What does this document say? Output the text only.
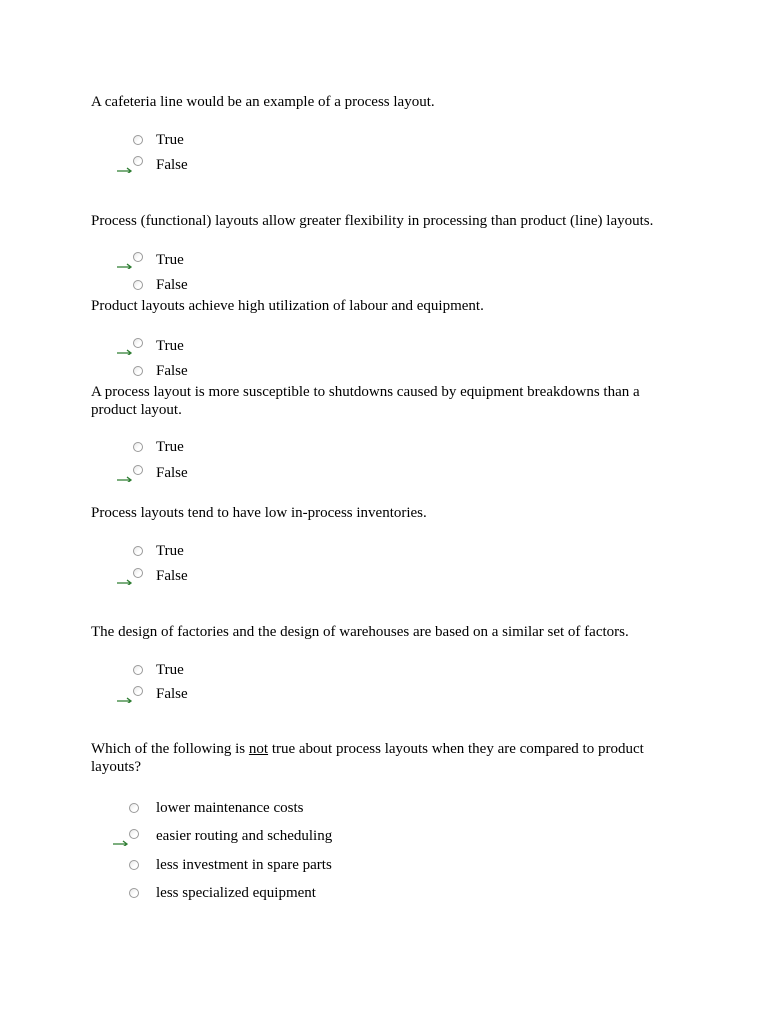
A cafeteria line would be an example of a process layout.
True
False
Process (functional) layouts allow greater flexibility in processing than product (line) layouts.
True
False
Product layouts achieve high utilization of labour and equipment.
True
False
A process layout is more susceptible to shutdowns caused by equipment breakdowns than a product layout.
True
False
Process layouts tend to have low in-process inventories.
True
False
The design of factories and the design of warehouses are based on a similar set of factors.
True
False
Which of the following is not true about process layouts when they are compared to product layouts?
lower maintenance costs
easier routing and scheduling
less investment in spare parts
less specialized equipment
